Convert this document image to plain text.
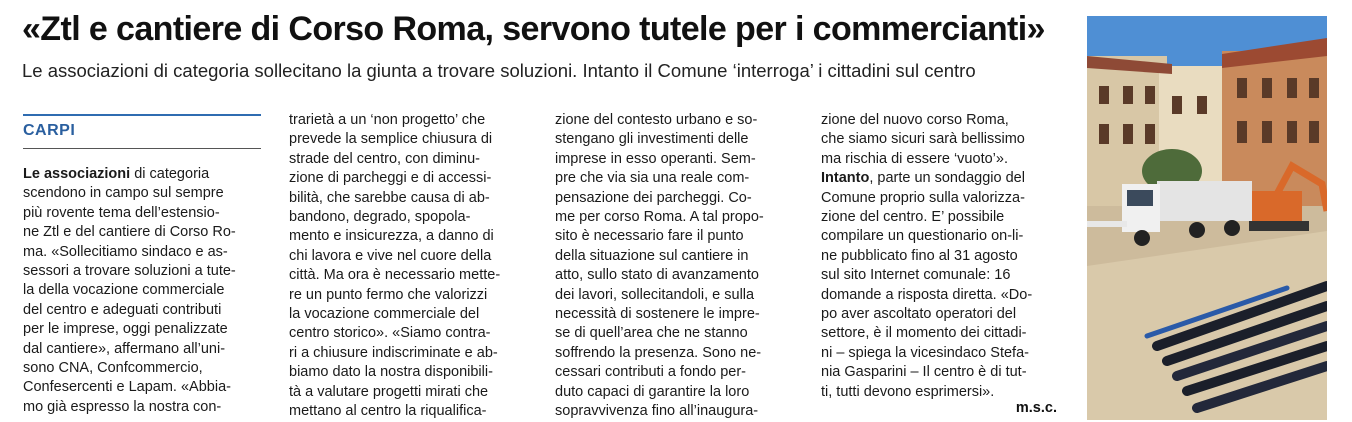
«Ztl e cantiere di Corso Roma, servono tutele per i commercianti»

Le associazioni di categoria sollecitano la giunta a trovare soluzioni. Intanto il Comune ‘interroga’ i cittadini sul centro

CARPI
Le associazioni di categoria
scendono in campo sul sempre
più rovente tema dell’estensio-
ne Ztl e del cantiere di Corso Ro-
ma. «Sollecitiamo sindaco e as-
sessori a trovare soluzioni a tute-
la della vocazione commerciale
del centro e adeguati contributi
per le imprese, oggi penalizzate
dal cantiere», affermano all’uni-
sono CNA, Confcommercio,
Confesercenti e Lapam. «Abbia-
mo già espresso la nostra con-
trarietà a un ‘non progetto’ che
prevede la semplice chiusura di
strade del centro, con diminu-
zione di parcheggi e di accessi-
bilità, che sarebbe causa di ab-
bandono, degrado, spopola-
mento e insicurezza, a danno di
chi lavora e vive nel cuore della
città. Ma ora è necessario mette-
re un punto fermo che valorizzi
la vocazione commerciale del
centro storico». «Siamo contra-
ri a chiusure indiscriminate e ab-
biamo dato la nostra disponibili-
tà a valutare progetti mirati che
mettano al centro la riqualifica-
zione del contesto urbano e so-
stengano gli investimenti delle
imprese in esso operanti. Sem-
pre che via sia una reale com-
pensazione dei parcheggi. Co-
me per corso Roma. A tal propo-
sito è necessario fare il punto
della situazione sul cantiere in
atto, sullo stato di avanzamento
dei lavori, sollecitandoli, e sulla
necessità di sostenere le impre-
se di quell’area che ne stanno
soffrendo la presenza. Sono ne-
cessari contributi a fondo per-
duto capaci di garantire la loro
sopravvivenza fino all’inaugura-
zione del nuovo corso Roma,
che siamo sicuri sarà bellissimo
ma rischia di essere ‘vuoto’».
Intanto, parte un sondaggio del
Comune proprio sulla valorizza-
zione del centro. E’ possibile
compilare un questionario on-li-
ne pubblicato fino al 31 agosto
sul sito Internet comunale: 16
domande a risposta diretta. «Do-
po aver ascoltato operatori del
settore, è il momento dei cittadi-
ni – spiega la vicesindaco Stefa-
nia Gasparini – Il centro è di tut-
ti, tutti devono esprimersi».
m.s.c.
